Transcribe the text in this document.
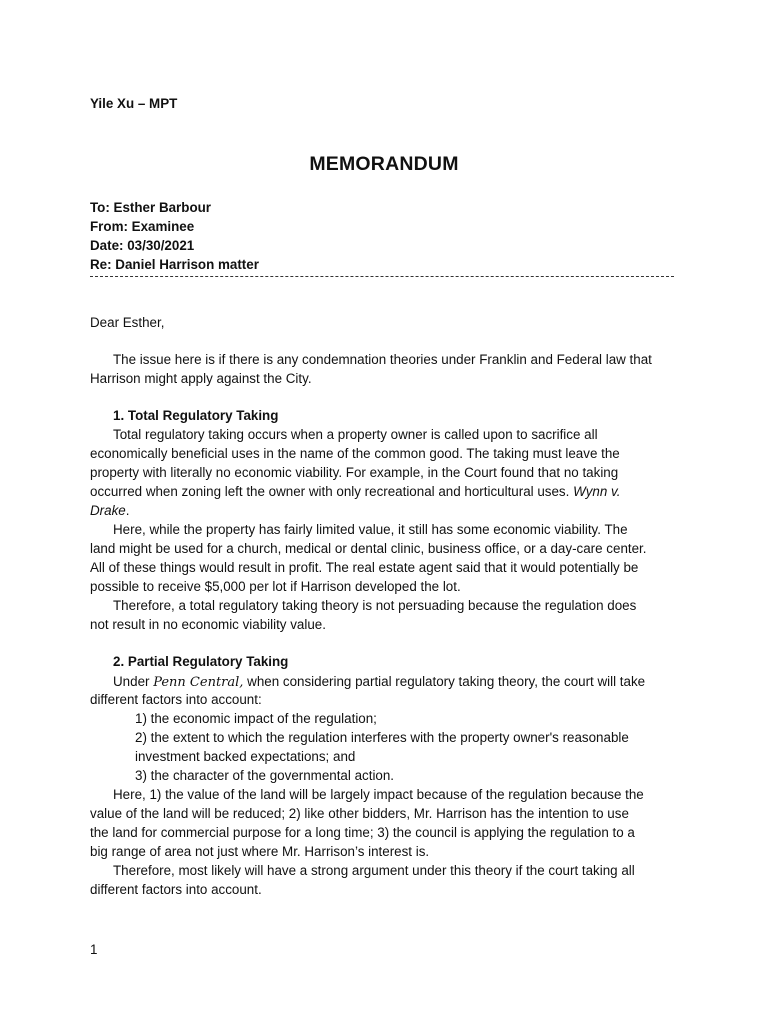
Yile Xu – MPT
MEMORANDUM
To: Esther Barbour
From: Examinee
Date: 03/30/2021
Re: Daniel Harrison matter
Dear Esther,
The issue here is if there is any condemnation theories under Franklin and Federal law that
Harrison might apply against the City.
1. Total Regulatory Taking
Total regulatory taking occurs when a property owner is called upon to sacrifice all
economically beneficial uses in the name of the common good. The taking must leave the
property with literally no economic viability. For example, in the Court found that no taking
occurred when zoning left the owner with only recreational and horticultural uses. Wynn v.
Drake.
Here, while the property has fairly limited value, it still has some economic viability. The
land might be used for a church, medical or dental clinic, business office, or a day-care center.
All of these things would result in profit. The real estate agent said that it would potentially be
possible to receive $5,000 per lot if Harrison developed the lot.
Therefore, a total regulatory taking theory is not persuading because the regulation does
not result in no economic viability value.
2. Partial Regulatory Taking
Under Penn Central, when considering partial regulatory taking theory, the court will take
different factors into account:
1) the economic impact of the regulation;
2) the extent to which the regulation interferes with the property owner's reasonable
investment backed expectations; and
3) the character of the governmental action.
Here, 1) the value of the land will be largely impact because of the regulation because the
value of the land will be reduced; 2) like other bidders, Mr. Harrison has the intention to use
the land for commercial purpose for a long time; 3) the council is applying the regulation to a
big range of area not just where Mr. Harrison’s interest is.
Therefore, most likely will have a strong argument under this theory if the court taking all
different factors into account.
1
